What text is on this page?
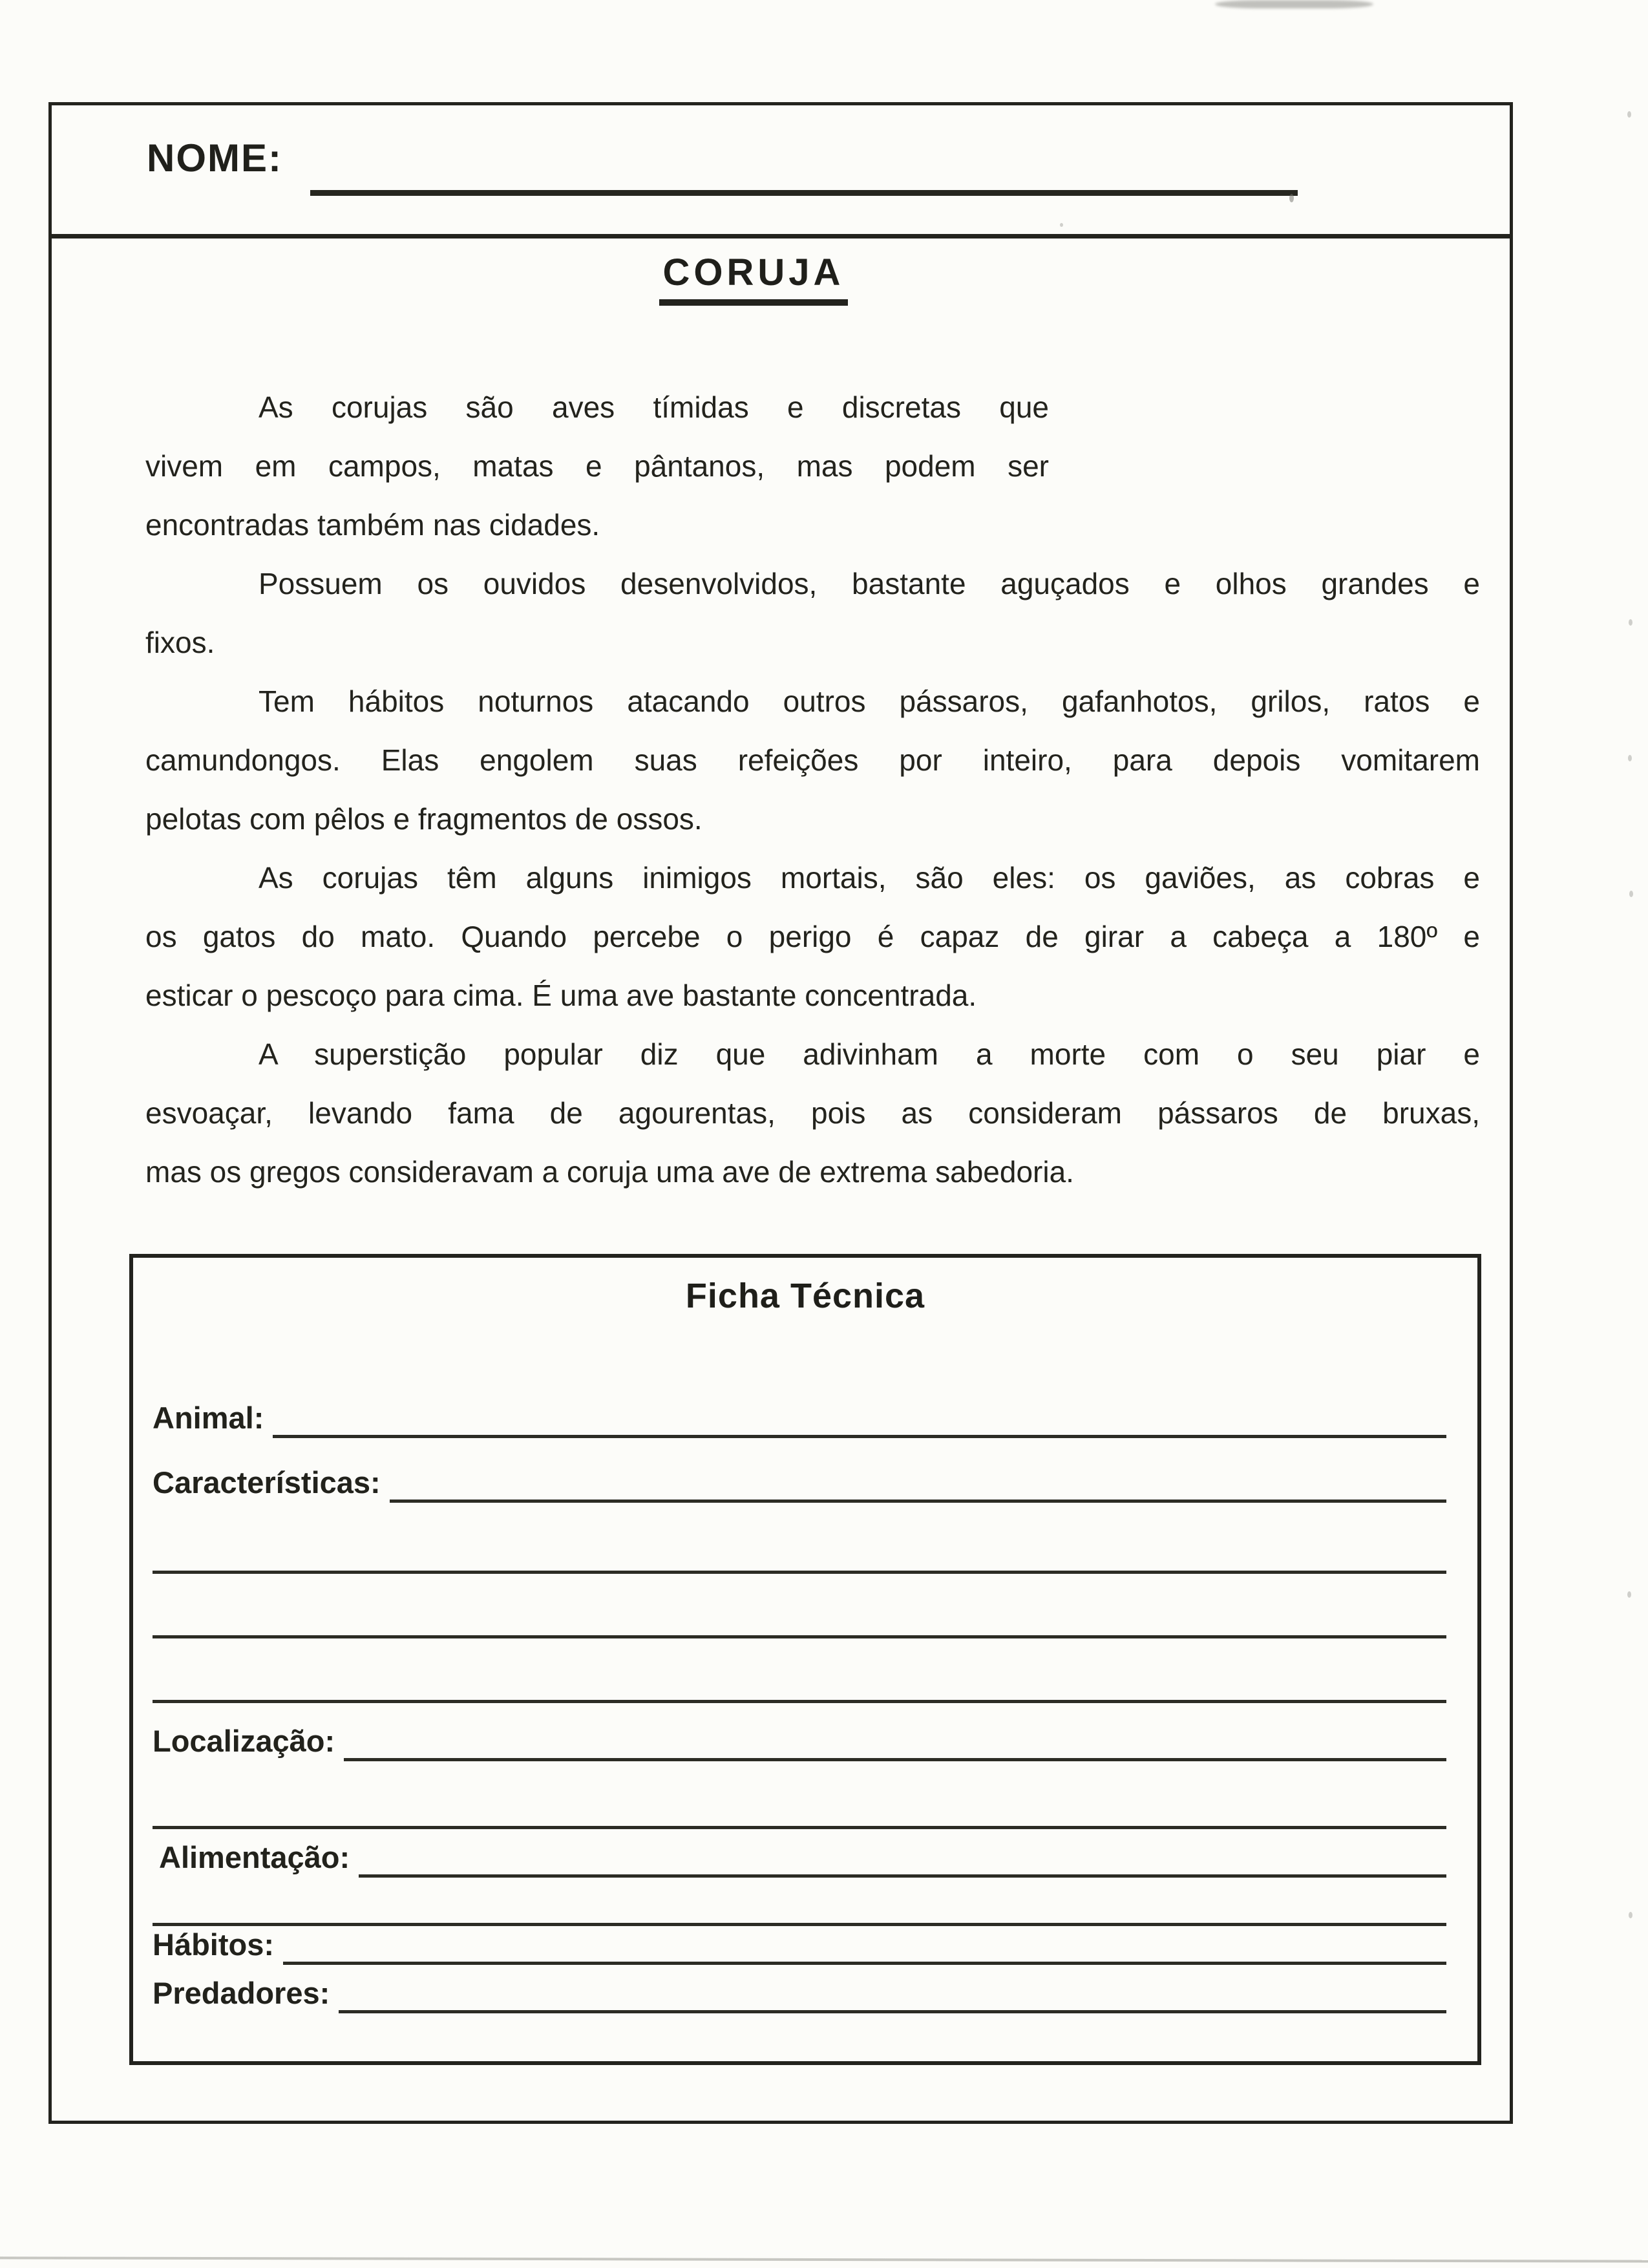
NOME:
CORUJA
As corujas são aves tímidas e discretas que
vivem em campos, matas e pântanos, mas podem ser
encontradas também nas cidades.
Possuem os ouvidos desenvolvidos, bastante aguçados e olhos grandes e
fixos.
Tem hábitos noturnos atacando outros pássaros, gafanhotos, grilos, ratos e
camundongos. Elas engolem suas refeições por inteiro, para depois vomitarem
pelotas com pêlos e fragmentos de ossos.
As corujas têm alguns inimigos mortais, são eles: os gaviões, as cobras e
os gatos do mato. Quando percebe o perigo é capaz de girar a cabeça a 180º e
esticar o pescoço para cima. É uma ave bastante concentrada.
A superstição popular diz que adivinham a morte com o seu piar e
esvoaçar, levando fama de agourentas, pois as consideram pássaros de bruxas,
mas os gregos consideravam a coruja uma ave de extrema sabedoria.
Ficha Técnica
Animal:
Características:
Localização:
Alimentação:
Hábitos:
Predadores:
